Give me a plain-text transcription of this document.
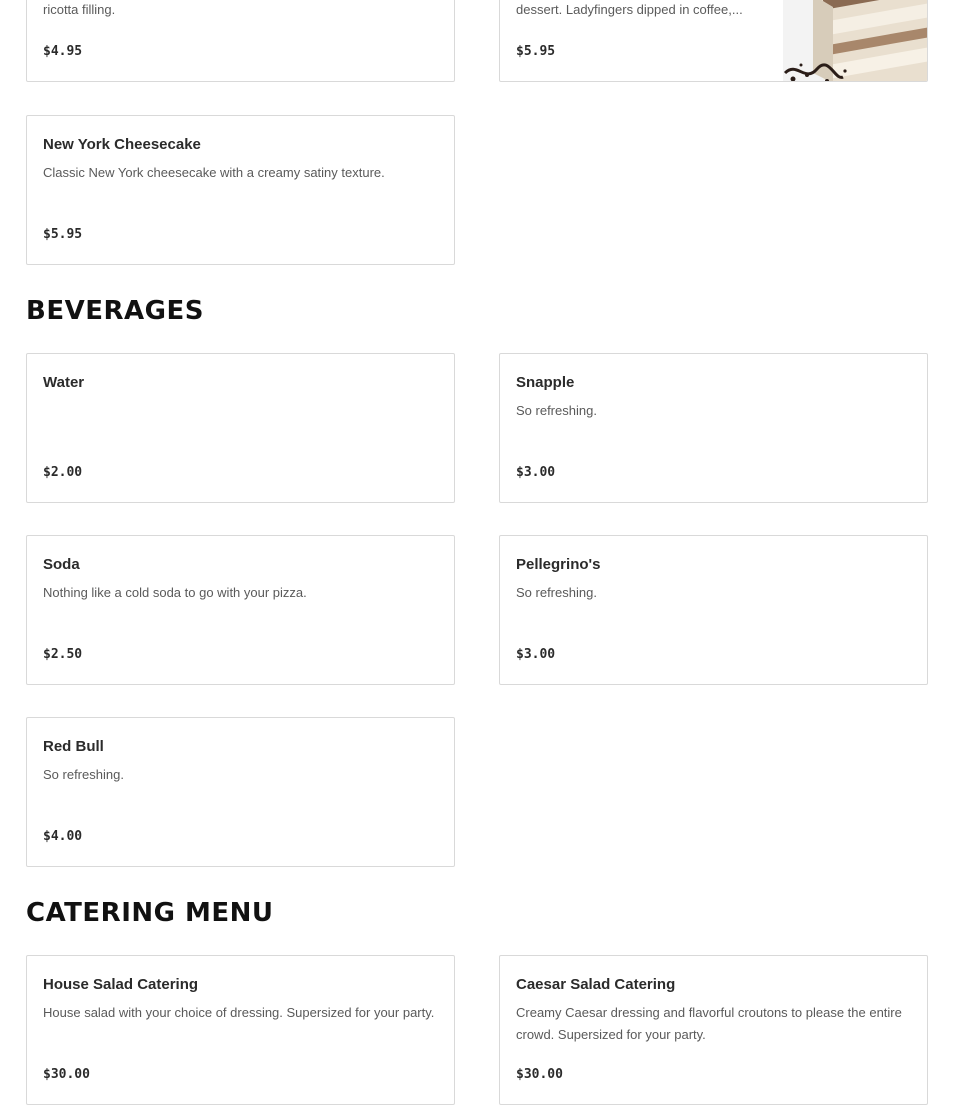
ricotta filling.
$4.95
dessert. Ladyfingers dipped in coffee,...
$5.95
New York Cheesecake
Classic New York cheesecake with a creamy satiny texture.
$5.95
BEVERAGES
Water
$2.00
Snapple
So refreshing.
$3.00
Soda
Nothing like a cold soda to go with your pizza.
$2.50
Pellegrino's
So refreshing.
$3.00
Red Bull
So refreshing.
$4.00
CATERING MENU
House Salad Catering
House salad with your choice of dressing. Supersized for your party.
$30.00
Caesar Salad Catering
Creamy Caesar dressing and flavorful croutons to please the entire crowd. Supersized for your party.
$30.00
